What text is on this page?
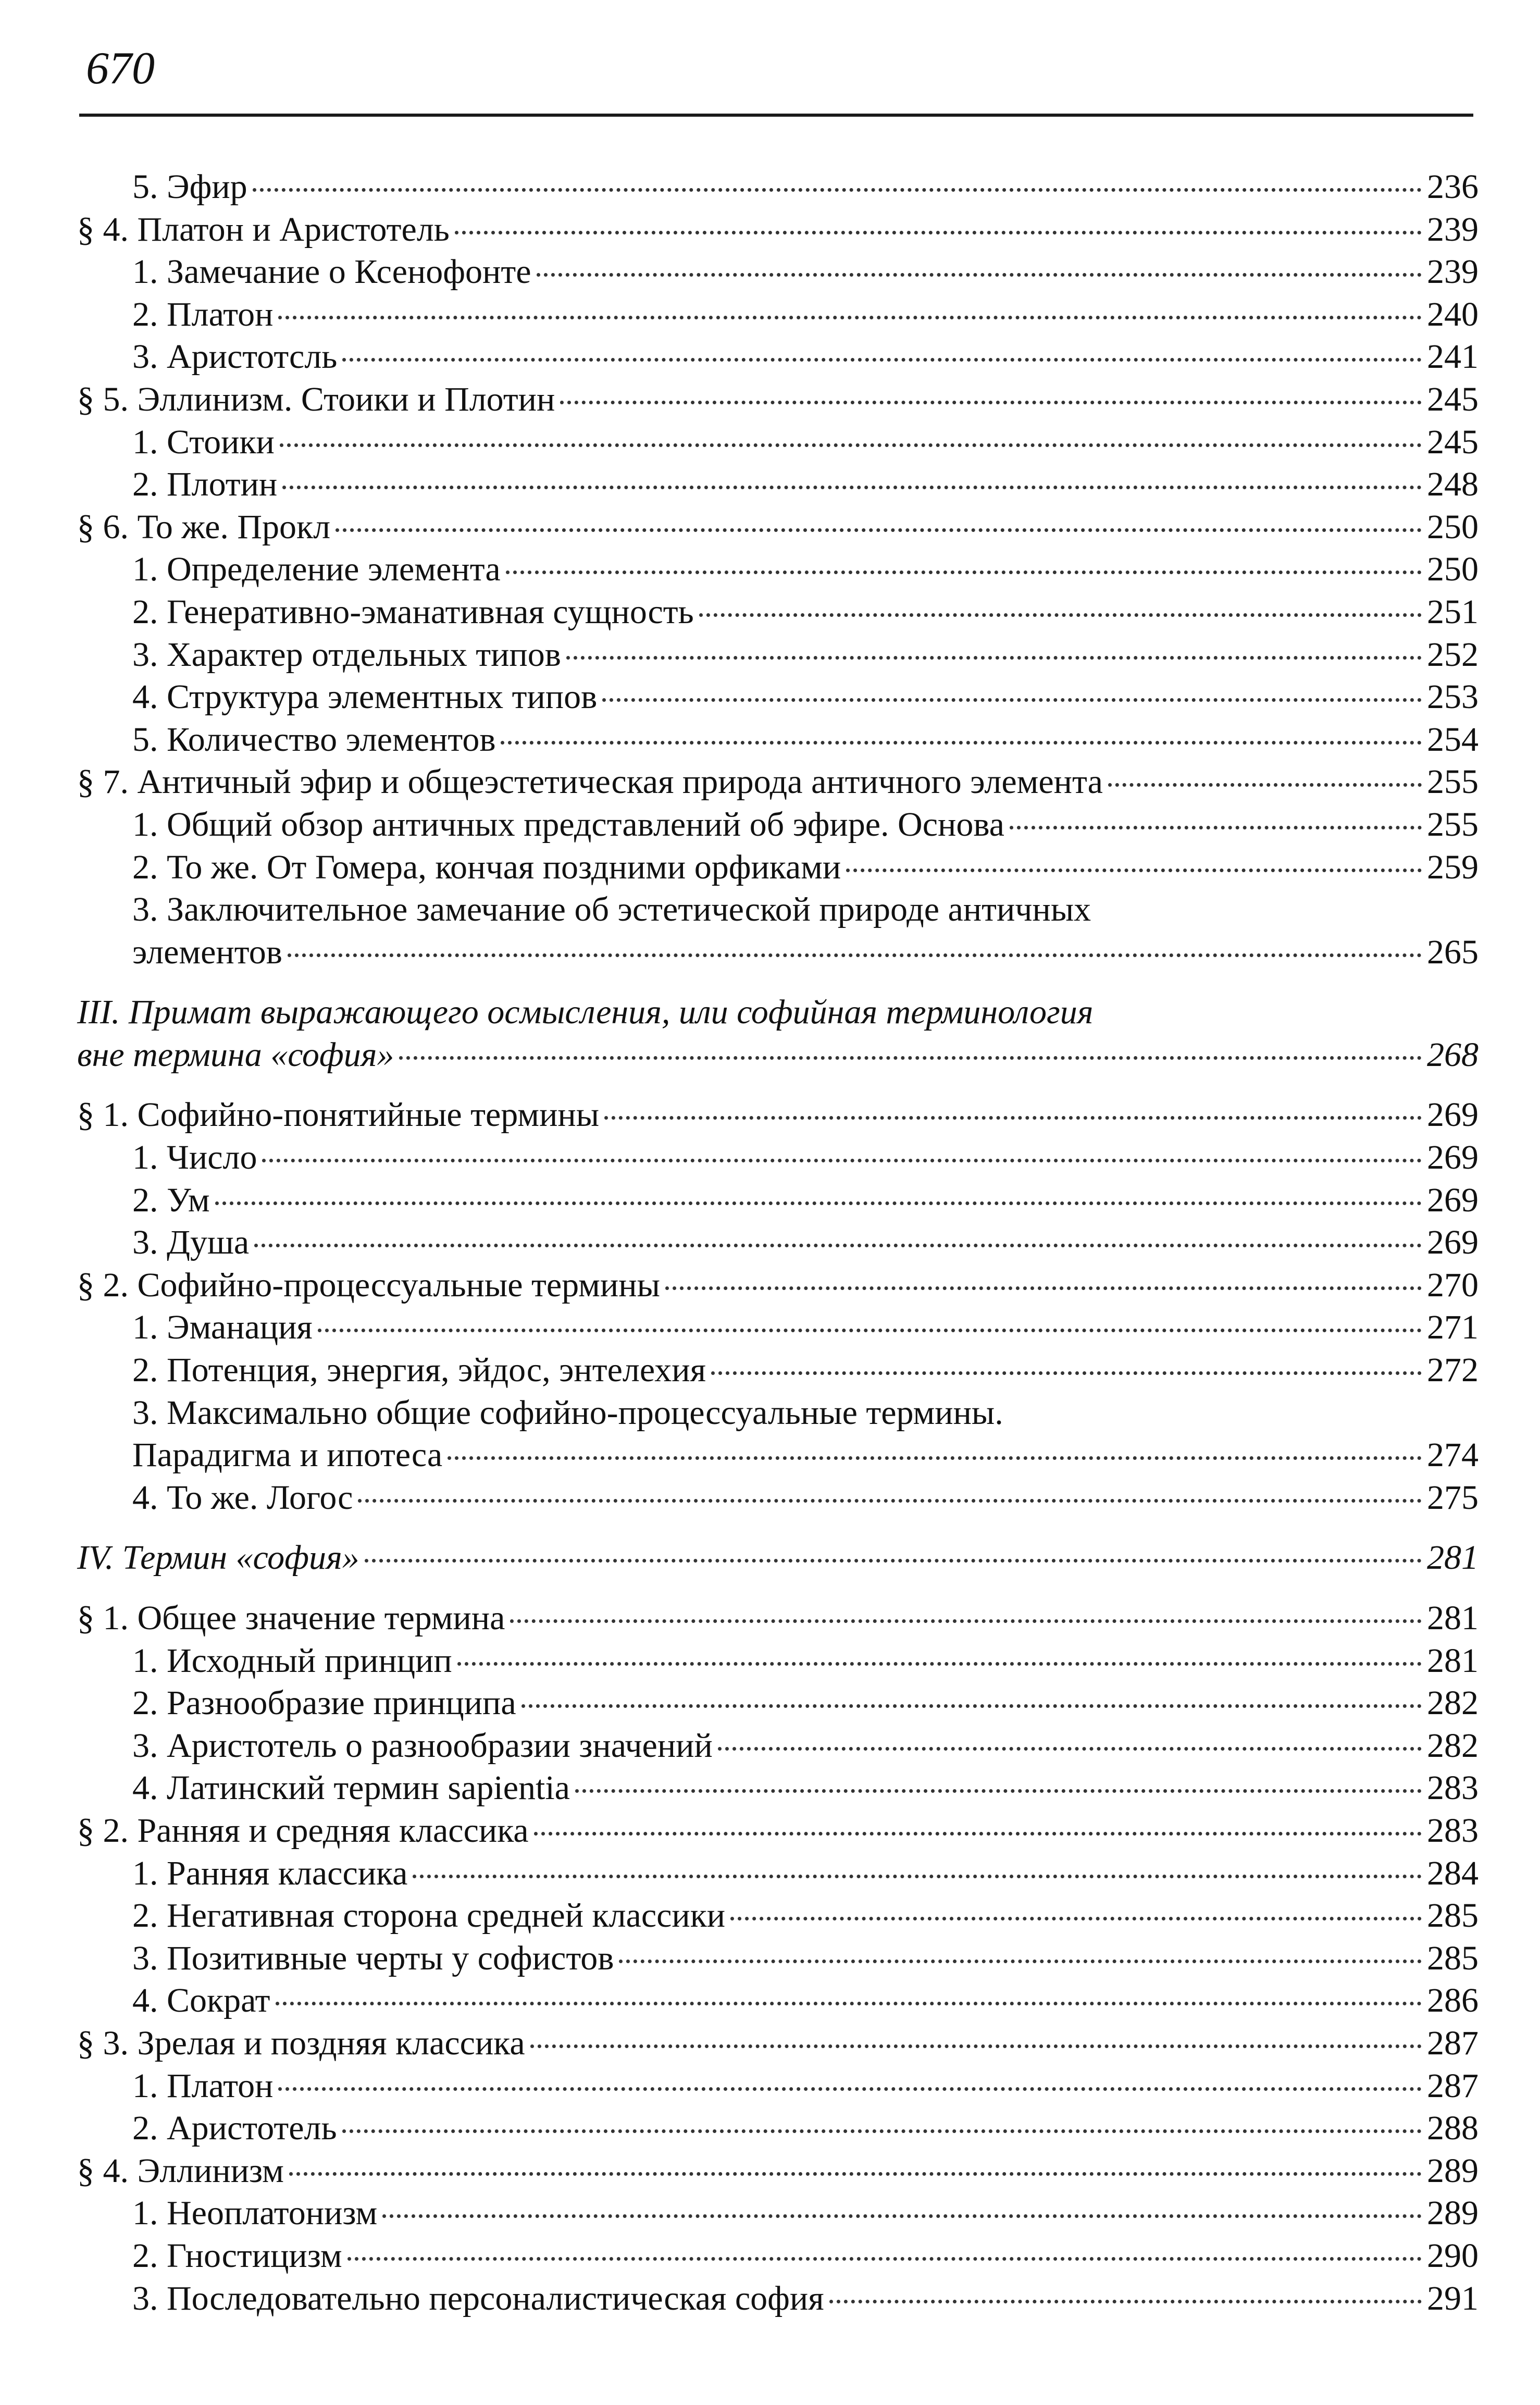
670
5. Эфир	236
§ 4. Платон и Аристотель	239
1. Замечание о Ксенофонте	239
2. Платон	240
3. Аристотсль	241
§ 5. Эллинизм. Стоики и Плотин	245
1. Стоики	245
2. Плотин	248
§ 6. То же. Прокл	250
1. Определение элемента	250
2. Генеративно-эманативная сущность	251
3. Характер отдельных типов	252
4. Структура элементных типов	253
5. Количество элементов	254
§ 7. Античный эфир и общеэстетическая природа античного элемента	255
1. Общий обзор античных представлений об эфире. Основа	255
2. То же. От Гомера, кончая поздними орфиками	259
3. Заключительное замечание об эстетической природе античных
элементов	265
III. Примат выражающего осмысления, или софийная терминология
вне термина «софия»	268
§ 1. Софийно-понятийные термины	269
1. Число	269
2. Ум	269
3. Душа	269
§ 2. Софийно-процессуальные термины	270
1. Эманация	271
2. Потенция, энергия, эйдос, энтелехия	272
3. Максимально общие софийно-процессуальные термины.
Парадигма и ипотеса	274
4. То же. Логос	275
IV. Термин «софия»	281
§ 1. Общее значение термина	281
1. Исходный принцип	281
2. Разнообразие принципа	282
3. Аристотель о разнообразии значений	282
4. Латинский термин sapientia	283
§ 2. Ранняя и средняя классика	283
1. Ранняя классика	284
2. Негативная сторона средней классики	285
3. Позитивные черты у софистов	285
4. Сократ	286
§ 3. Зрелая и поздняя классика	287
1. Платон	287
2. Аристотель	288
§ 4. Эллинизм	289
1. Неоплатонизм	289
2. Гностицизм	290
3. Последовательно персоналистическая софия	291
